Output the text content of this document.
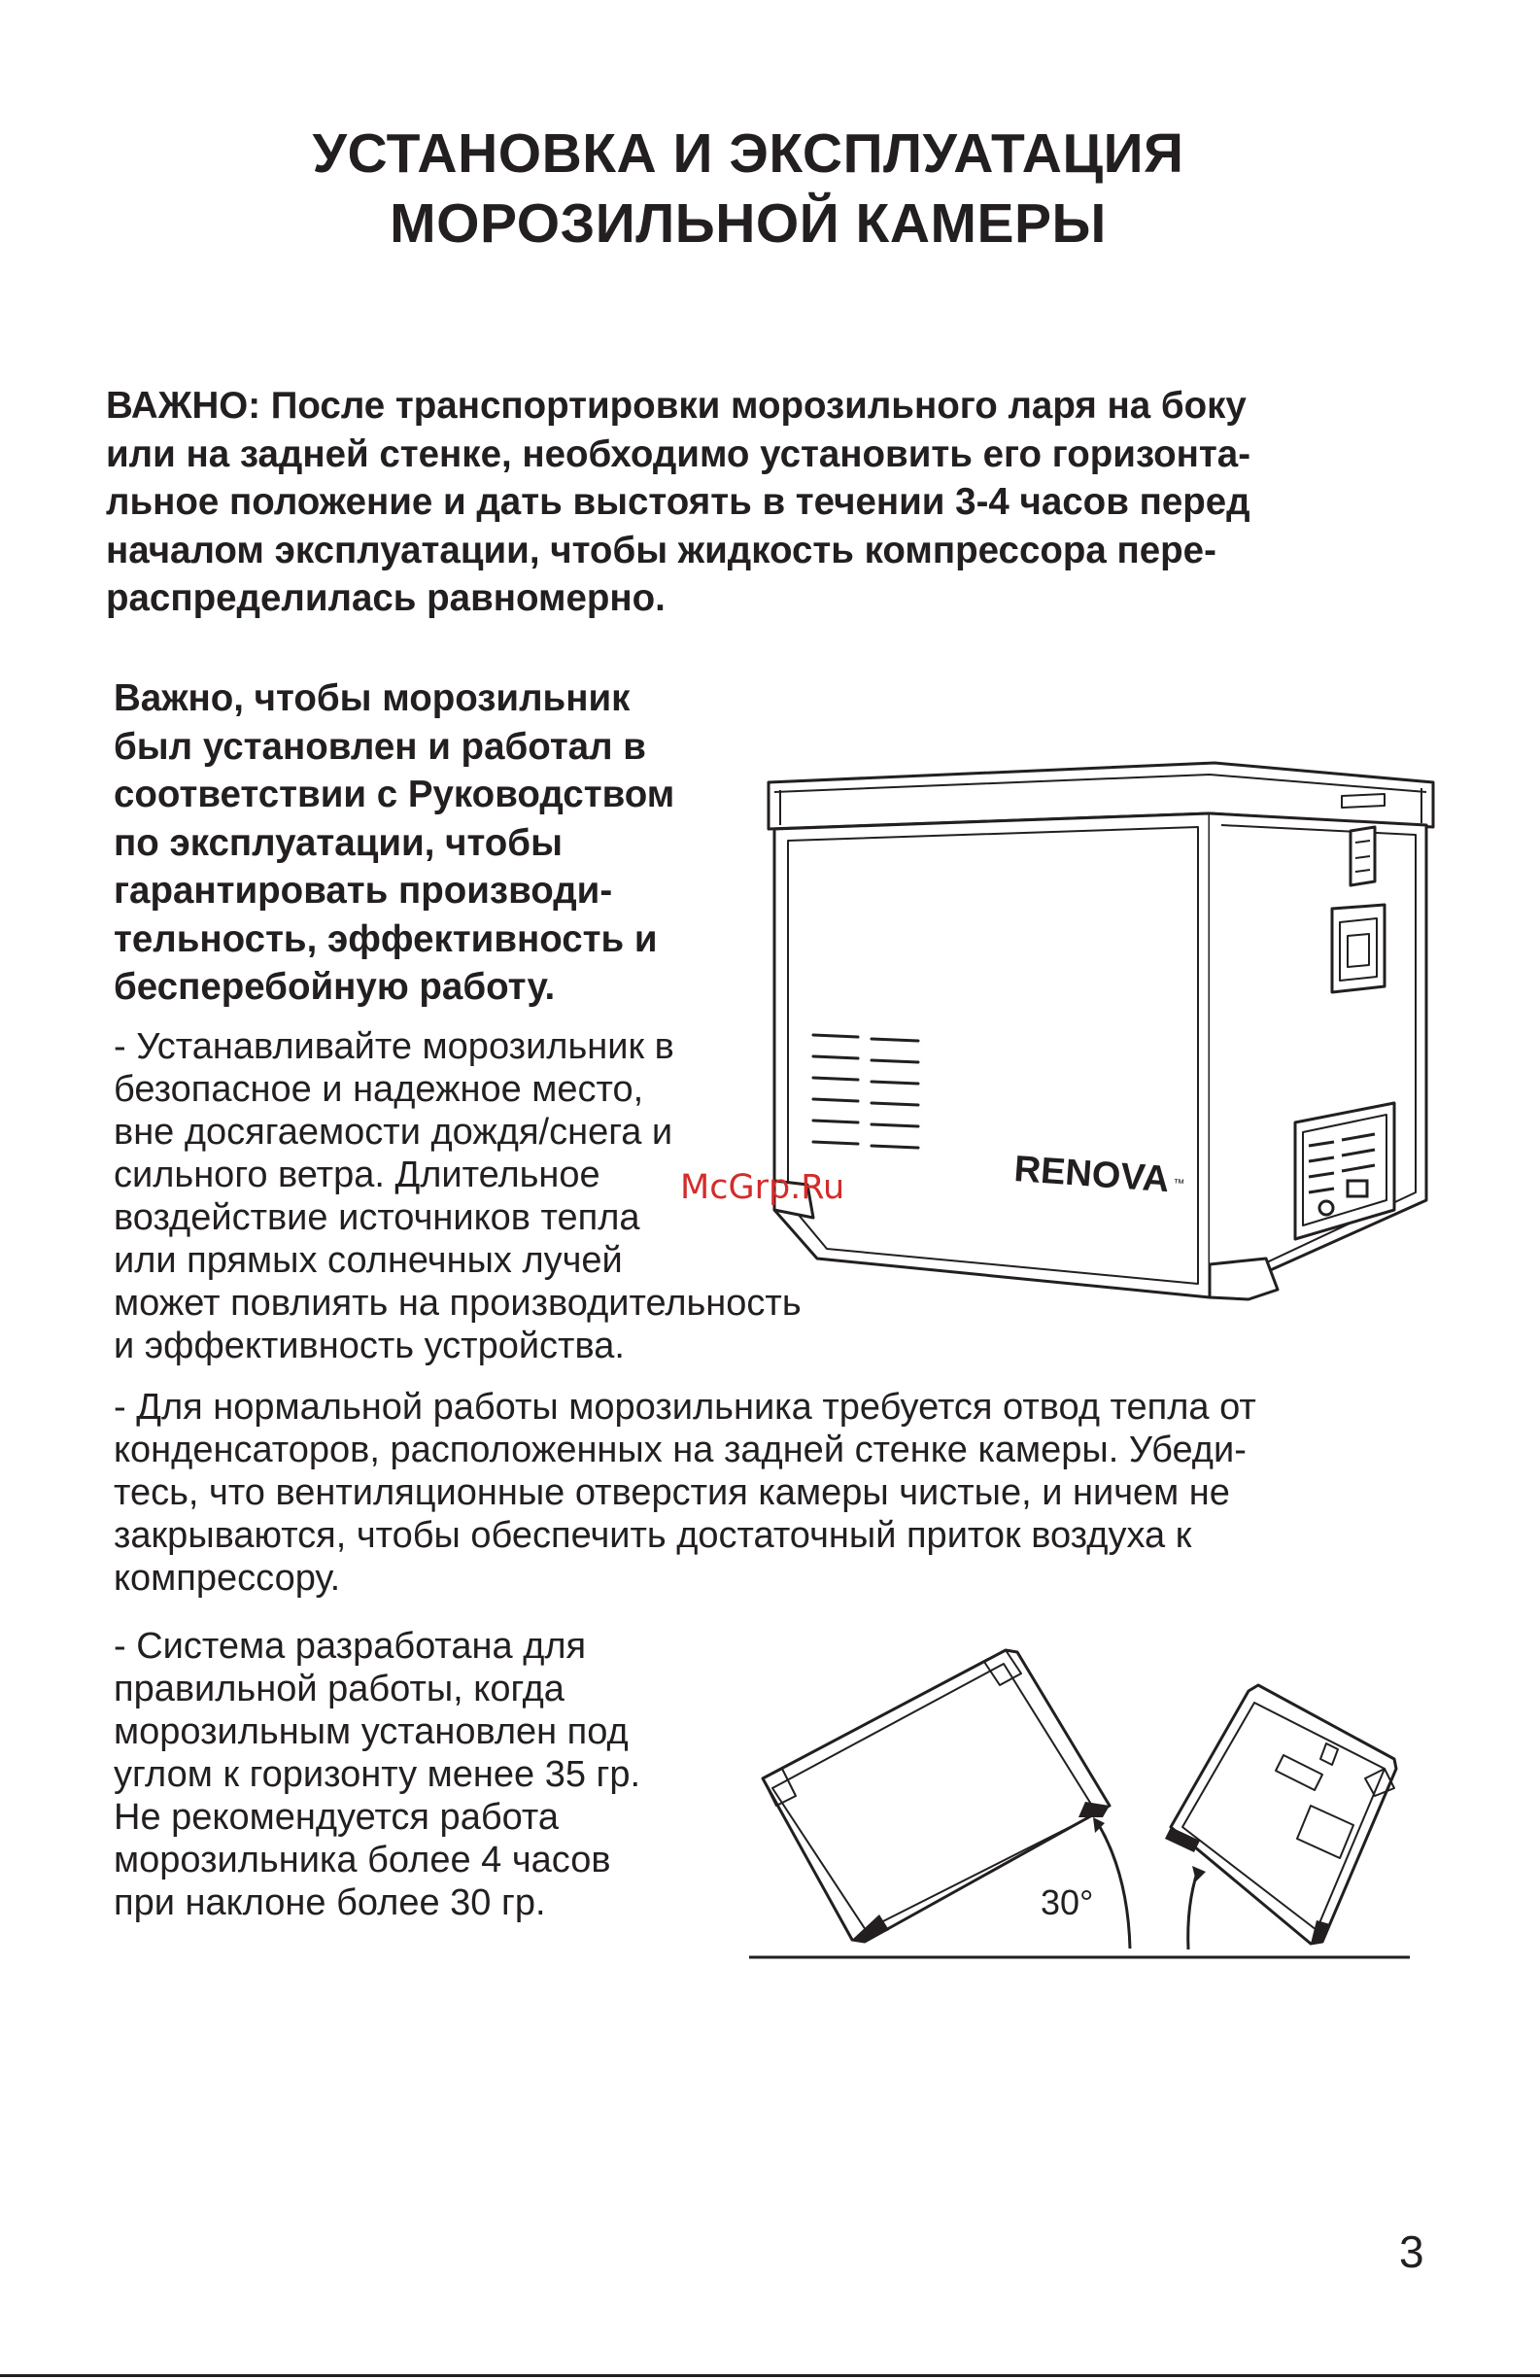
УСТАНОВКА И ЭКСПЛУАТАЦИЯ
МОРОЗИЛЬНОЙ КАМЕРЫ
ВАЖНО: После транспортировки морозильного ларя на боку
или на задней стенке, необходимо установить его горизонта-
льное положение и дать выстоять в течении 3-4 часов перед
началом эксплуатации, чтобы жидкость компрессора пере-
распределилась равномерно.
Важно, чтобы морозильник
был установлен и работал в
соответствии с Руководством
по эксплуатации, чтобы
гарантировать производи-
тельность, эффективность и
бесперебойную работу.
RENOVA ™
McGrp.Ru
- Устанавливайте морозильник в
безопасное и надежное место,
вне досягаемости дождя/снега и
сильного ветра. Длительное
воздействие источников тепла
или прямых солнечных лучей
может повлиять на производительность
и эффективность устройства.
- Для нормальной работы морозильника требуется отвод тепла от
конденсаторов, расположенных на задней стенке камеры. Убеди-
тесь, что вентиляционные отверстия камеры чистые, и ничем не
закрываются, чтобы обеспечить достаточный приток воздуха к
компрессору.
- Система разработана для
правильной работы, когда
морозильным установлен под
углом к горизонту менее 35 гр.
Не рекомендуется работа
морозильника более 4 часов
при наклоне более 30 гр.	30°
3
